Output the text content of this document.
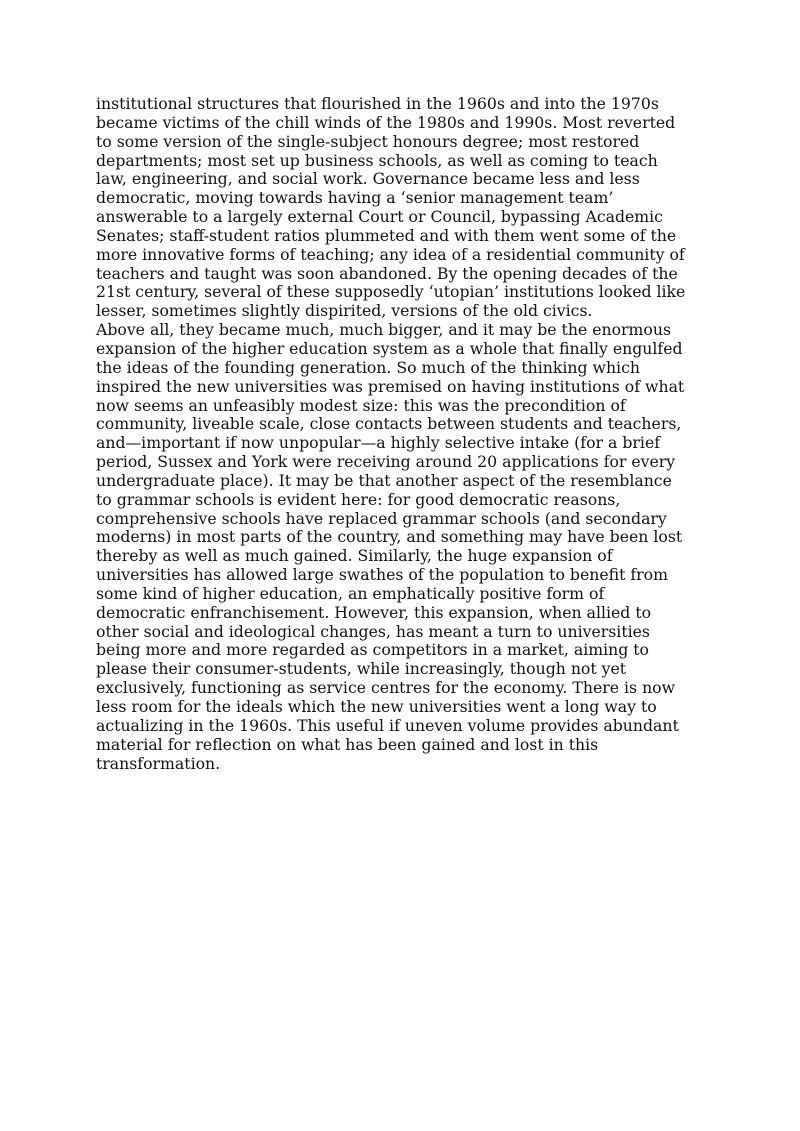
institutional structures that flourished in the 1960s and into the 1970s
became victims of the chill winds of the 1980s and 1990s. Most reverted
to some version of the single-subject honours degree; most restored
departments; most set up business schools, as well as coming to teach
law, engineering, and social work. Governance became less and less
democratic, moving towards having a ‘senior management team’
answerable to a largely external Court or Council, bypassing Academic
Senates; staff-student ratios plummeted and with them went some of the
more innovative forms of teaching; any idea of a residential community of
teachers and taught was soon abandoned. By the opening decades of the
21st century, several of these supposedly ‘utopian’ institutions looked like
lesser, sometimes slightly dispirited, versions of the old civics.

Above all, they became much, much bigger, and it may be the enormous
expansion of the higher education system as a whole that finally engulfed
the ideas of the founding generation. So much of the thinking which
inspired the new universities was premised on having institutions of what
now seems an unfeasibly modest size: this was the precondition of
community, liveable scale, close contacts between students and teachers,
and—important if now unpopular—a highly selective intake (for a brief
period, Sussex and York were receiving around 20 applications for every
undergraduate place). It may be that another aspect of the resemblance
to grammar schools is evident here: for good democratic reasons,
comprehensive schools have replaced grammar schools (and secondary
moderns) in most parts of the country, and something may have been lost
thereby as well as much gained. Similarly, the huge expansion of
universities has allowed large swathes of the population to benefit from
some kind of higher education, an emphatically positive form of
democratic enfranchisement. However, this expansion, when allied to
other social and ideological changes, has meant a turn to universities
being more and more regarded as competitors in a market, aiming to
please their consumer-students, while increasingly, though not yet
exclusively, functioning as service centres for the economy. There is now
less room for the ideals which the new universities went a long way to
actualizing in the 1960s. This useful if uneven volume provides abundant
material for reflection on what has been gained and lost in this
transformation.
